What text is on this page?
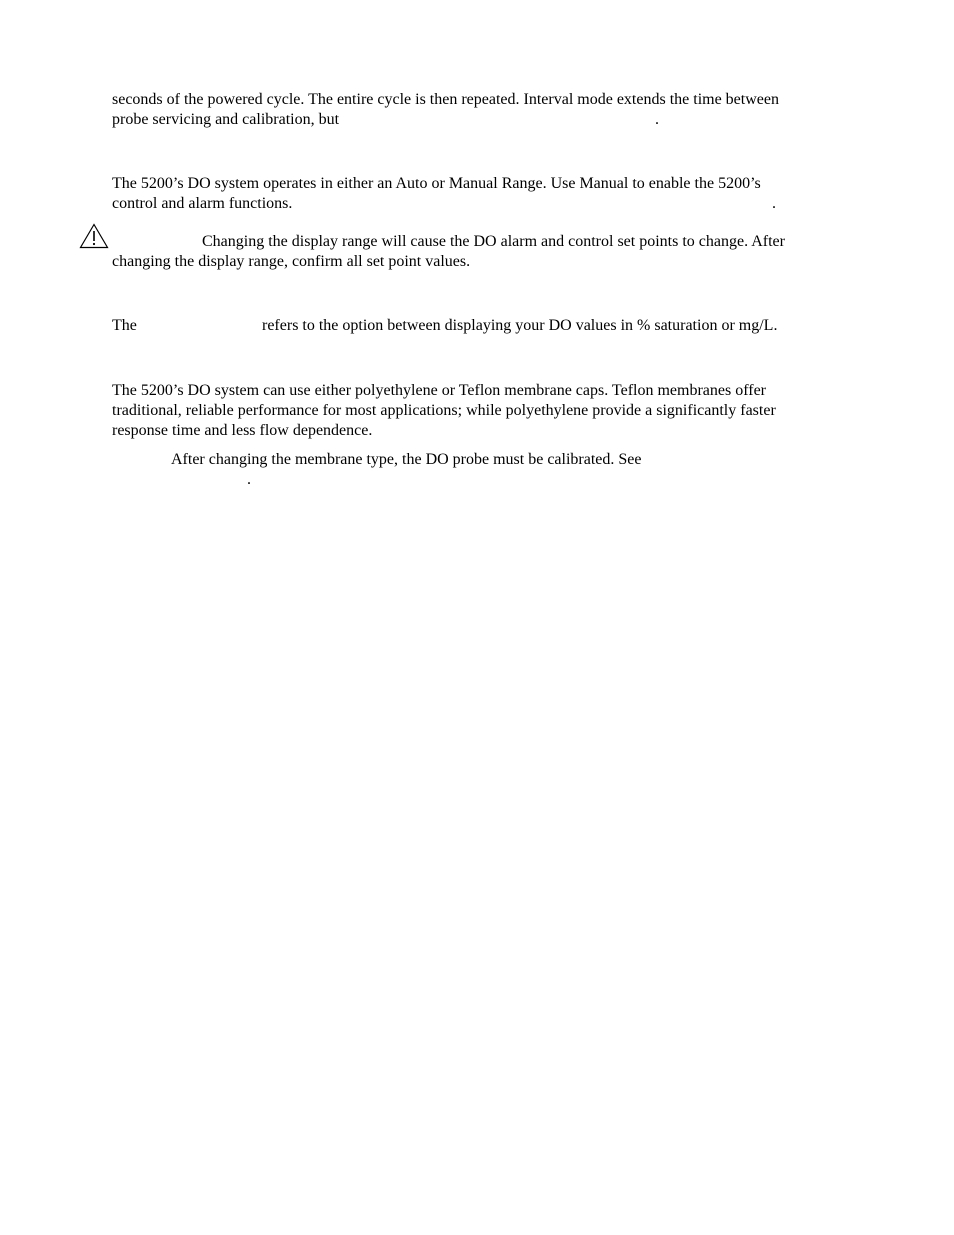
seconds of the powered cycle. The entire cycle is then repeated. Interval mode extends the time between

probe servicing and calibration, but	.

The 5200’s DO system operates in either an Auto or Manual Range. Use Manual to enable the 5200’s

control and alarm functions.	.

Changing the display range will cause the DO alarm and control set points to change. After

changing the display range, confirm all set point values.

The	refers to the option between displaying your DO values in % saturation or mg/L.

The 5200’s DO system can use either polyethylene or Teflon membrane caps. Teflon membranes offer

traditional, reliable performance for most applications; while polyethylene provide a significantly faster

response time and less flow dependence.

After changing the membrane type, the DO probe must be calibrated. See

.
